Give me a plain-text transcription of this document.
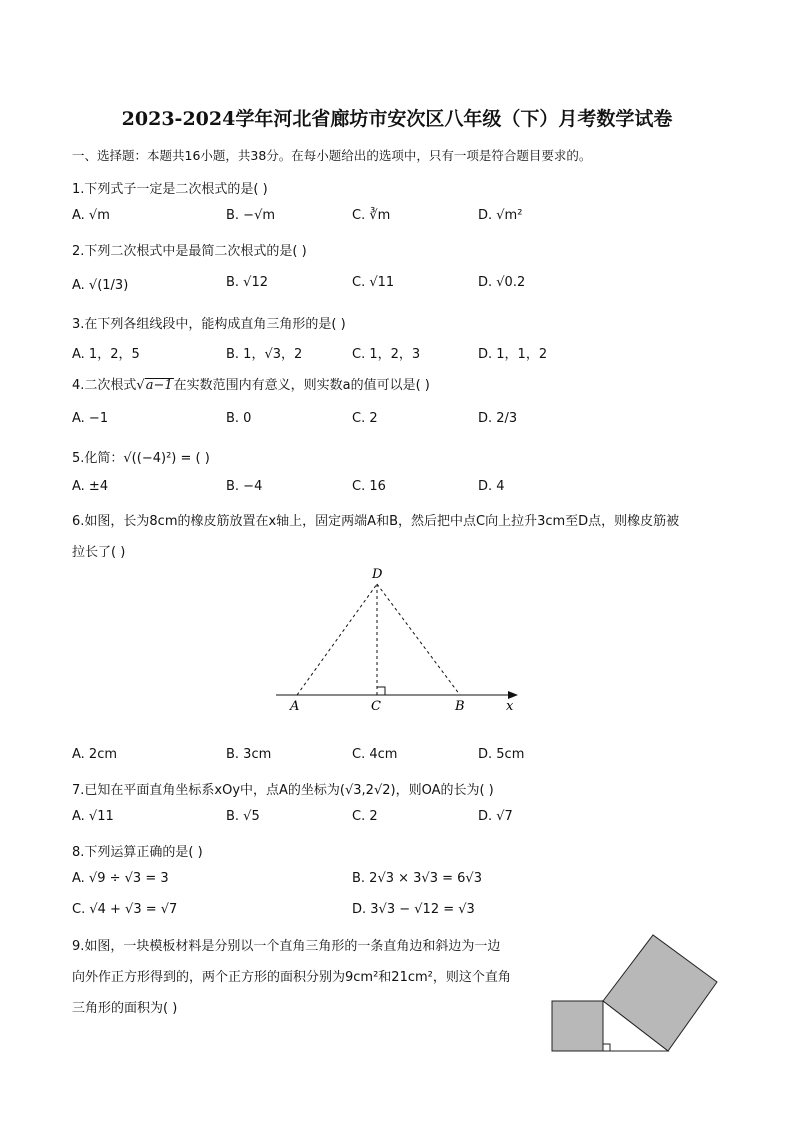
2023-2024学年河北省廊坊市安次区八年级（下）月考数学试卷
一、选择题：本题共16小题，共38分。在每小题给出的选项中，只有一项是符合题目要求的。
1.下列式子一定是二次根式的是( )
A. √m	B. −√m	C. ∛m	D. √m²
2.下列二次根式中是最简二次根式的是( )
A. √(1/3)	B. √12	C. √11	D. √0.2
3.在下列各组线段中，能构成直角三角形的是( )
A. 1，2，5	B. 1，√3，2	C. 1，2，3	D. 1，1，2
4.二次根式√a−1在实数范围内有意义，则实数a的值可以是( )
A. −1	B. 0	C. 2	D. 2/3
5.化简：√((−4)²) = ( )
A. ±4	B. −4	C. 16	D. 4
6.如图，长为8cm的橡皮筋放置在x轴上，固定两端A和B，然后把中点C向上拉升3cm至D点，则橡皮筋被
拉长了( )
D
A	C	B	x
A. 2cm	B. 3cm	C. 4cm	D. 5cm
7.已知在平面直角坐标系xOy中，点A的坐标为(√3,2√2)，则OA的长为( )
A. √11	B. √5	C. 2	D. √7
8.下列运算正确的是( )
A. √9 ÷ √3 = 3	B. 2√3 × 3√3 = 6√3
C. √4 + √3 = √7	D. 3√3 − √12 = √3
9.如图，一块模板材料是分别以一个直角三角形的一条直角边和斜边为一边
向外作正方形得到的，两个正方形的面积分别为9cm²和21cm²，则这个直角
三角形的面积为( )
